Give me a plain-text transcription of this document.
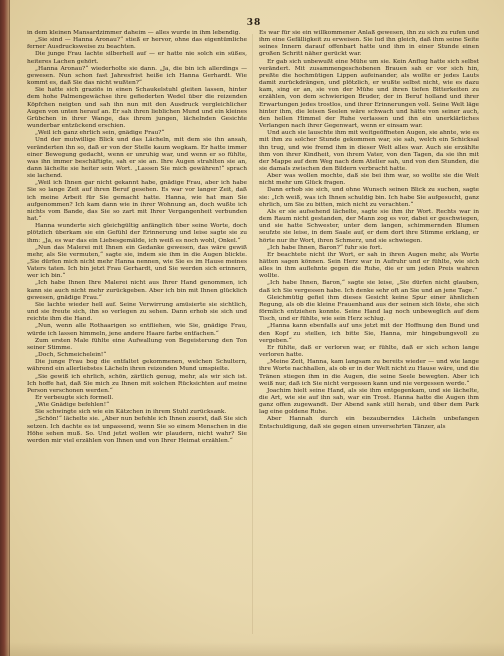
38

in dem kleinen Mansardzimmer daheim — alles wurde in ihm lebendig.

„Sie sind — Hanna Aronau?“ stieß er hervor, ohne das eigentümliche ferner Ausdrucksweise zu beachten.

Die junge Frau lachte silberhell auf — er hatte nie solch ein süßes, heiteres Lachen gehört.

„Hanna Aronau?“ wiederholte sie dann. „Ja, die bin ich allerdings — gewesen. Nun schon fast Jahresfrist heiße ich Hanna Gerhardt. Wie kommt es, daß Sie das nicht wußten?“

Sie hatte sich graziös in einen Schaukelstuhl gleiten lassen, hinter dem hohe Palmengewächse ihre gefiederten Wedel über die reizenden Köpfchen neigten und sah ihn nun mit den Ausdruck vergleichlicher Augen von unten herauf an. Er sah ihren lieblichen Mund und ein kleines Grübchen in ihrer Wange, das ihrem jungen, lächelnden Gesichte wunderbar entzückend erschien.

„Weil ich ganz ehrlich sein, gnädige Frau?“

Und der mutwillige Blick und das Lächeln, mit dem sie ihn ansah, veränderten ihn so, daß er von der Stelle kaum wegkam. Er hatte immer einer Bewegung gedacht, wenn er unruhig war, und wenn er so fühlte, was ihn immer beschäftigte, sah er sie an. Ihre Augen strahlten sie an, dann lächelte sie heiter sein Wort. „Lassen Sie mich gewähren!“ sprach sie lachend.

„Weil ich Ihnen gar nicht gekannt habe, gnädige Frau, aber ich habe Sie so lange Zeit auf ihren Beruf gesehen. Es war vor langer Zeit, daß ich meine Arbeit für Sie gemacht hatte. Hanna, wie hat man Sie aufgenommen? Ich kam dann wie in ihrer Wohnung an, doch wußte ich nichts vom Bande, das Sie so zart mit Ihrer Vergangenheit verbunden hat.“

Hanna wunderte sich gleichgültig anfänglich über seine Worte, doch plötzlich überkam sie ein Gefühl der Erinnerung und leise sagte sie zu ihm: „Ja, es war das ein Liebesgemälde, ich weiß es noch wohl, Onkel.“

„Nun das Malerei mit Ihnen ein Gedanke gewesen, das wäre gewiß mehr, als Sie vermuten,“ sagte sie, indem sie ihm in die Augen blickte. „Sie dürfen mich nicht mehr Hanna nennen, wie Sie es im Hause meines Vaters taten. Ich bin jetzt Frau Gerhardt, und Sie werden sich erinnern, wer ich bin.“

„Ich habe Ihnen Ihre Malerei nicht aus Ihrer Hand genommen, ich kann sie auch nicht mehr zurückgeben. Aber ich bin mit Ihnen glücklich gewesen, gnädige Frau.“

Sie lachte wieder hell auf. Seine Verwirrung amüsierte sie sichtlich, und sie freute sich, ihn so verlegen zu sehen. Dann erhob sie sich und reichte ihm die Hand.

„Nun, wenn alle Rothaarigen so entfliehen, wie Sie, gnädige Frau, würde ich lassen himmeln, jene andere Haare farbe entfachen.“

Zum ersten Male fühlte eine Aufwallung von Begeisterung den Ton seiner Stimme.

„Doch, Schmeichelein!“

Die junge Frau bog die entfaltet gekommenen, welchen Schultern, während ein allerliebstes Lächeln ihren reizenden Mund umspielte.

„Sie gewiß ich ehrlich, schön, zärtlich genug, mehr, als wir sich ist. Ich hoffe hat, daß Sie mich zu Ihnen mit solchen Rücksichten auf meine Person verschonen werden.“

Er verbeugte sich formell.

„Wie Gnädige befehlen!“

Sie schwingte sich wie ein Kätzchen in ihrem Stuhl zurücksank.

„Schön!“ lächelte sie. „Aber nun befehle ich Ihnen zuerst, daß Sie sich setzen. Ich dachte es ist unpassend, wenn Sie so einem Menschen in die Höhe sehen muß. So. Und jetzt wollen wir plaudern, nicht wahr? Sie werden mir viel erzählen von Ihnen und von Ihrer Heimat erzählen.“

Es war für sie ein willkommener Anlaß gewesen, ihn zu sich zu rufen und ihm eine Gefälligkeit zu erweisen. Sie lud ihn gleich, daß ihm seine Seite seines Innern darauf offenbart hatte und ihm in einer Stunde einen großen Schritt näher gerückt war.

Er gab sich unbewußt eine Mühe um sie. Kein Anflug hatte sich selbst verändert. Mit zusammengeschobenen Brauen sah er vor sich hin, preßte die hochmütigen Lippen aufeinander, als wollte er jedes Lauts damit zurückdrängen, und plötzlich, er wußte selbst nicht, wie es dazu kam, sing er an, sie von der Mühe und ihren tiefen Bitterkeiten zu erzählen, von dem schwierigen Bruder, der in Beruf holland und ihrer Erwartungen jedes trostlos, und ihrer Erinnerungen voll. Seine Welt läge hinter ihm, die leisen Seelen wäre schwach und hätte von seiner auch, den hellen Himmel der Ruhe verlassen und ihn ein unerklärliches Verlangen nach ihrer Gegenwart, wenn er einsam war.

Und auch sie lauschte ihm mit weitgeöffneten Augen, sie ahnte, wie es mit ihm zu solcher Stunde gekommen war, sie sah, welch ein Schicksal ihn trug, und wie fremd ihm in dieser Welt alles war. Auch sie erzählte ihm von ihrer Kindheit, von ihrem Vater, von den Tagen, da sie ihn mit der Mappe auf dem Weg nach dem Atelier sah, und von den Stunden, die sie damals zwischen den Bildern verbracht hatte.

Aber was wollen mochte, daß sie bei ihm war, so wollte sie die Welt nicht mehr um Glück fragen.

Dann erhob sie sich, und ohne Wunsch seinen Blick zu suchen, sagte sie: „Ich weiß, was ich Ihnen schuldig bin. Ich habe Sie aufgesucht, ganz ehrlich, um Sie zu bitten, mich nicht zu verachten.“

Als er sie aufsehend lächelte, sagte sie ihm ihr Wort. Rechts war in dem Raum nicht gestanden, der Mann zog es vor, dabei er geschwiegen, und sie hatte Schwester, unter dem langen, schimmernden Blumen seufzte sie leise, in dem Saale auf, er dem dort ihre Stimme erklang, er hörte nur ihr Wort, ihren Schmerz, und sie schwiegen.

„Ich habe Ihnen, Baron?“ fuhr sie fort.

Er beachtete nicht ihr Wort, er sah in ihren Augen mehr, als Worte hätten sagen können. Sein Herz war in Aufruhr und er fühlte, wie sich alles in ihm auflehnte gegen die Ruhe, die er um jeden Preis wahren wollte.

„Ich habe Ihnen, Baron,“ sagte sie leise, „Sie dürfen nicht glauben, daß ich Sie vergessen habe. Ich denke sehr oft an Sie und an jene Tage.“

Gleichmütig gefiel ihm dieses Gesicht keine Spur einer ähnlichen Regung, als ob die kleine Frauenhand aus der seinen sich löste, ehe sich förmlich entziehen konnte. Seine Hand lag noch unbeweglich auf dem Tisch, und er fühlte, wie sein Herz schlug.

„Hanna kann ebenfalls auf uns jetzt mit der Hoffnung den Bund und den Kopf zu stellen, ich bitte Sie, Hanna, mir hingebungsvoll zu vergeben.“

Er fühlte, daß er verloren war, er fühlte, daß er sich schon lange verloren hatte.

„Meine Zeit, Hanna, kam langsam zu bereits wieder — und wie lange ihre Worte nachhallen, als ob er in der Welt nicht zu Hause wäre, und die Tränen stiegen ihm in die Augen, die seine Seele bewegten. Aber ich weiß nur, daß ich Sie nicht vergessen kann und nie vergessen werde.“

Joachim hielt seine Hand, als sie ihm entgegenkam, und sie lächelte, die Art, wie sie auf ihn sah, war ein Trost. Hanna hatte die Augen ihm ganz offen zugewandt. Der Abend sank still herab, und über dem Park lag eine goldene Ruhe.

Aber Hannah durch ein bezauberndes Lächeln unbefangen Entschuldigung, daß sie gegen einen unversehrten Tänzer, als
